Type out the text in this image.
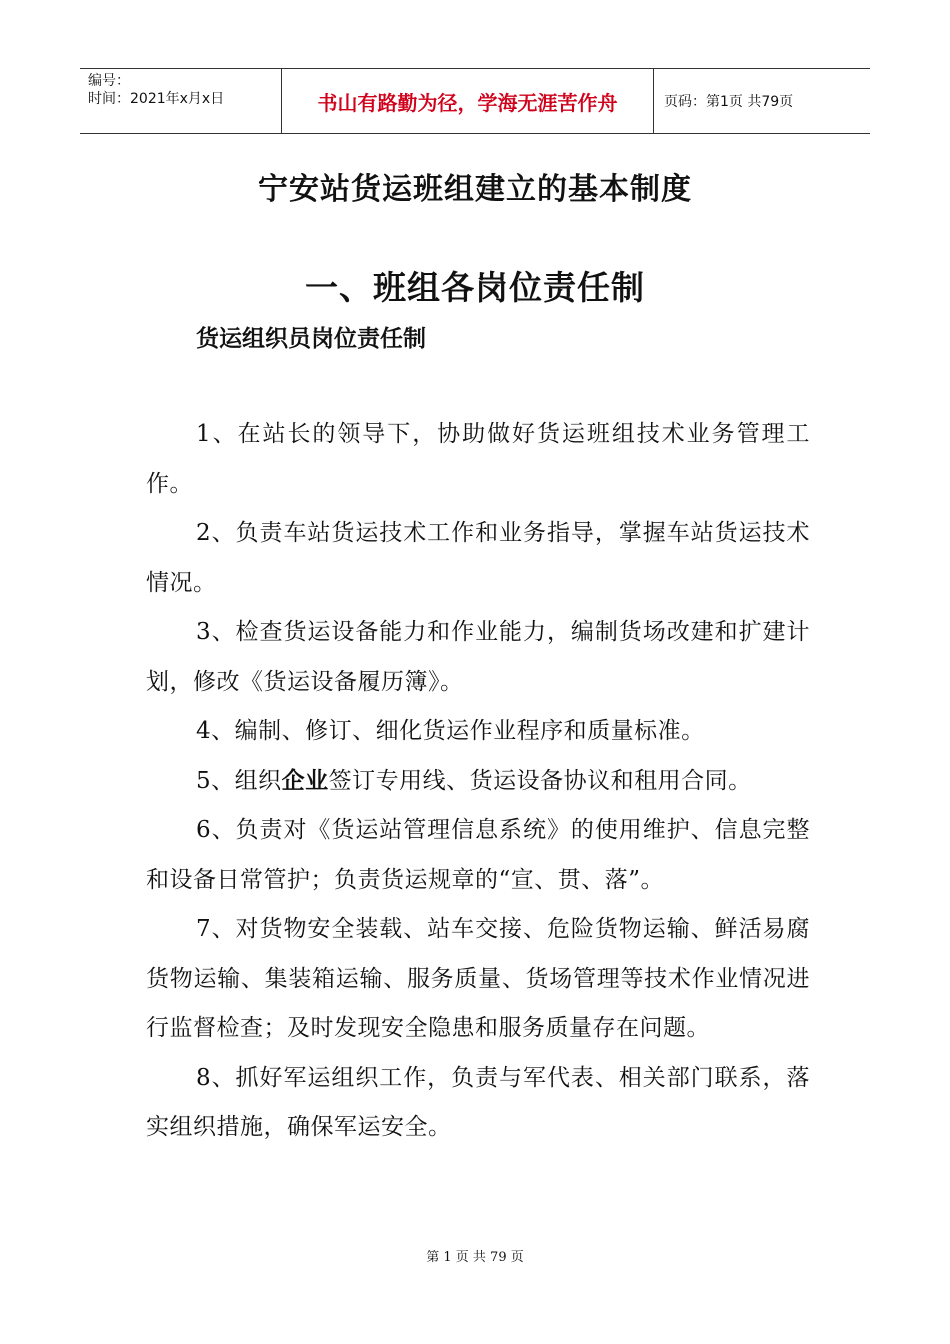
编号：
时间：2021年x月x日	书山有路勤为径，学海无涯苦作舟	页码：第1页 共79页
宁安站货运班组建立的基本制度
一、班组各岗位责任制
货运组织员岗位责任制

1、在站长的领导下，协助做好货运班组技术业务管理工作。

2、负责车站货运技术工作和业务指导，掌握车站货运技术情况。

3、检查货运设备能力和作业能力，编制货场改建和扩建计划，修改《货运设备履历簿》。

4、编制、修订、细化货运作业程序和质量标准。

5、组织企业签订专用线、货运设备协议和租用合同。

6、负责对《货运站管理信息系统》的使用维护、信息完整和设备日常管护；负责货运规章的“宣、贯、落”。

7、对货物安全装载、站车交接、危险货物运输、鲜活易腐货物运输、集装箱运输、服务质量、货场管理等技术作业情况进行监督检查；及时发现安全隐患和服务质量存在问题。

8、抓好军运组织工作，负责与军代表、相关部门联系，落实组织措施，确保军运安全。

第 1 页 共 79 页
